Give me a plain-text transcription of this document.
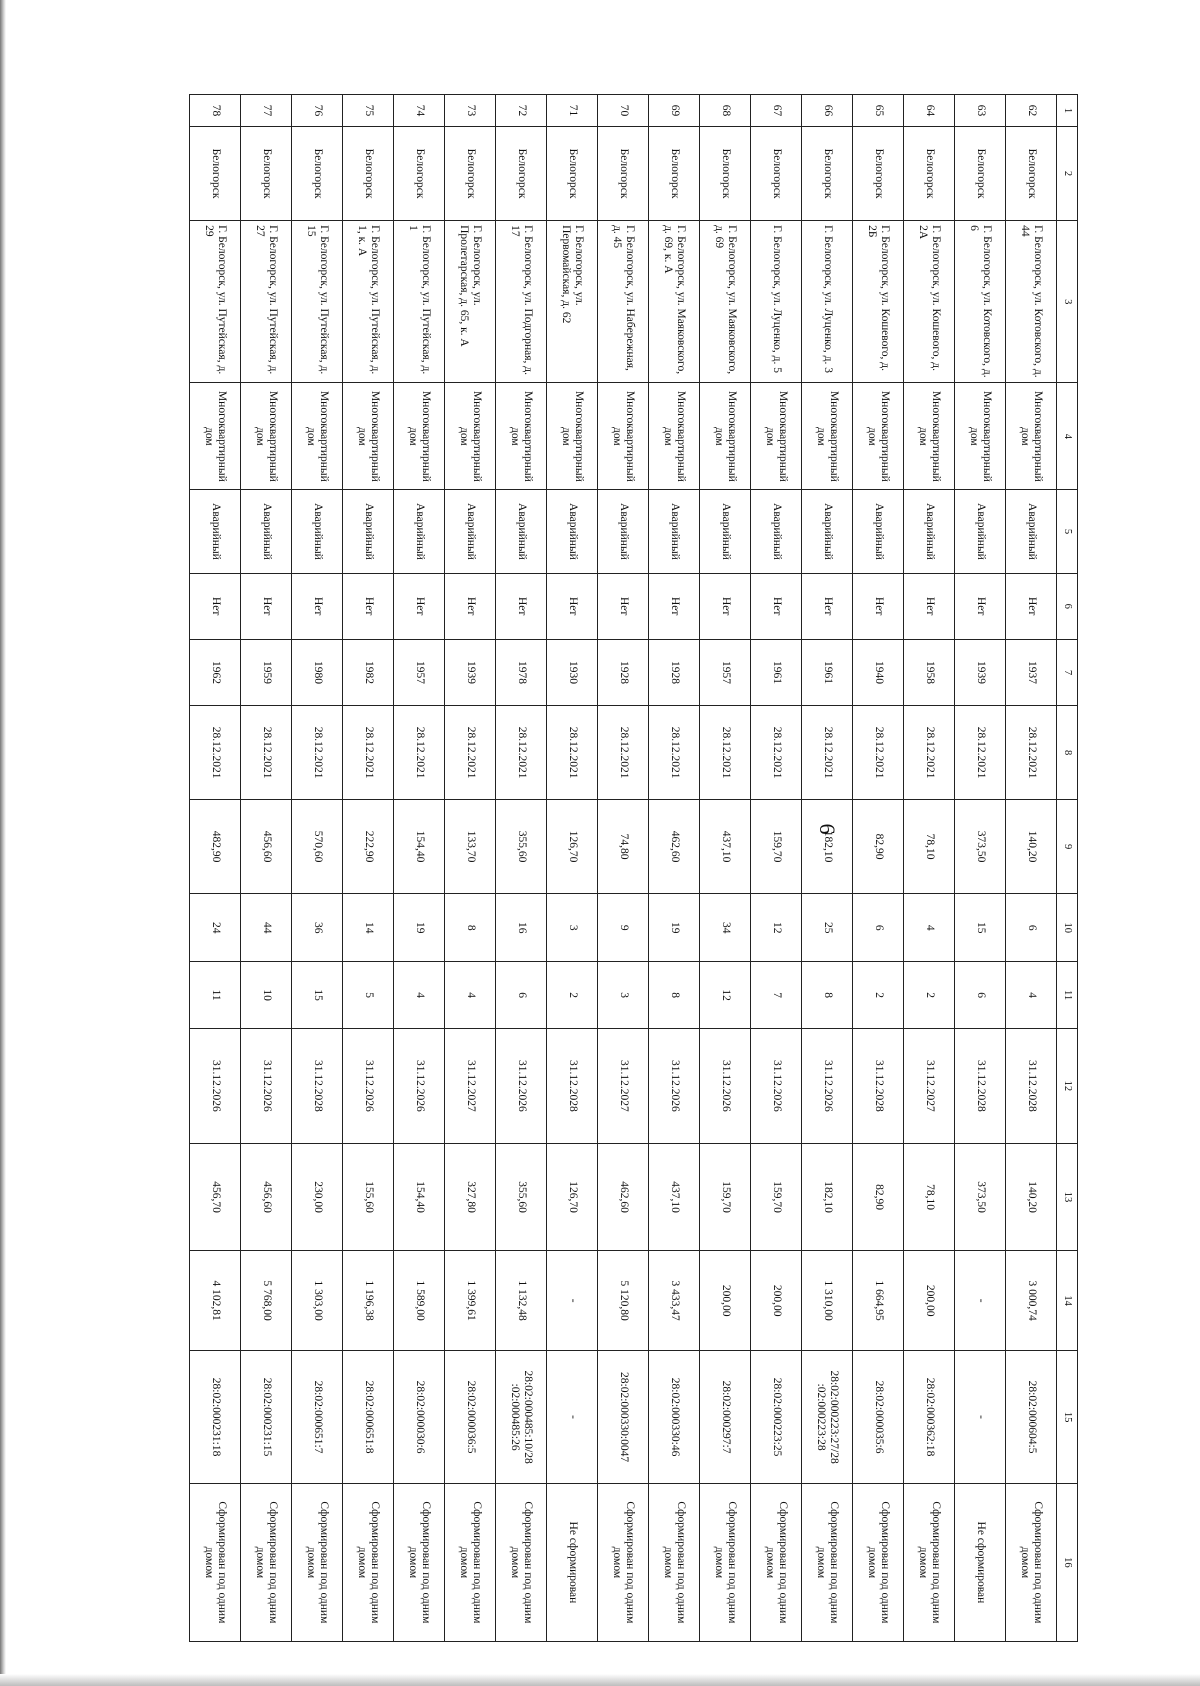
6
1	2	3	4	5	6	7	8	9	10	11	12	13	14	15	16
62	Белогорск	Г. Белогорск, ул. Котовского, д. 44	Многоквартирный дом	Аварийный	Нет	1937	28.12.2021	140,20	6	4	31.12.2028	140,20	3 000,74	28:02:000604:5	Сформирован под одним домом
63	Белогорск	Г. Белогорск, ул. Котовского, д. 6	Многоквартирный дом	Аварийный	Нет	1939	28.12.2021	373,50	15	6	31.12.2028	373,50	-	-	Не сформирован
64	Белогорск	Г. Белогорск, ул. Кошевого, д. 2А	Многоквартирный дом	Аварийный	Нет	1958	28.12.2021	78,10	4	2	31.12.2027	78,10	200,00	28:02:000362:18	Сформирован под одним домом
65	Белогорск	Г. Белогорск, ул. Кошевого, д. 2Б	Многоквартирный дом	Аварийный	Нет	1940	28.12.2021	82,90	6	2	31.12.2028	82,90	1 664,95	28:02:000035:6	Сформирован под одним домом
66	Белогорск	Г. Белогорск, ул. Луценко, д. 3	Многоквартирный дом	Аварийный	Нет	1961	28.12.2021	182,10	25	8	31.12.2026	182,10	1 310,00	28:02:000223:27/28 :02:000223:28	Сформирован под одним домом
67	Белогорск	Г. Белогорск, ул. Луценко, д. 5	Многоквартирный дом	Аварийный	Нет	1961	28.12.2021	159,70	12	7	31.12.2026	159,70	200,00	28:02:000223:25	Сформирован под одним домом
68	Белогорск	Г. Белогорск, ул. Маяковского, д. 69	Многоквартирный дом	Аварийный	Нет	1957	28.12.2021	437,10	34	12	31.12.2026	159,70	200,00	28:02:000297:7	Сформирован под одним домом
69	Белогорск	Г. Белогорск, ул. Маяковского, д. 69, к. А	Многоквартирный дом	Аварийный	Нет	1928	28.12.2021	462,60	19	8	31.12.2026	437,10	3 433,47	28:02:000330:46	Сформирован под одним домом
70	Белогорск	Г. Белогорск, ул. Набережная, д. 45	Многоквартирный дом	Аварийный	Нет	1928	28.12.2021	74,80	9	3	31.12.2027	462,60	5 120,80	28:02:000330:0047	Сформирован под одним домом
71	Белогорск	Г. Белогорск, ул. Первомайская, д. 62	Многоквартирный дом	Аварийный	Нет	1930	28.12.2021	126,70	3	2	31.12.2028	126,70	-	-	Не сформирован
72	Белогорск	Г. Белогорск, ул. Подгорная, д. 17	Многоквартирный дом	Аварийный	Нет	1978	28.12.2021	355,60	16	6	31.12.2026	355,60	1 132,48	28:02:000485:10/28 :02:000485:26	Сформирован под одним домом
73	Белогорск	Г. Белогорск, ул. Пролетарская, д. 65, к. А	Многоквартирный дом	Аварийный	Нет	1939	28.12.2021	133,70	8	4	31.12.2027	327,80	1 399,61	28:02:000036:5	Сформирован под одним домом
74	Белогорск	Г. Белогорск, ул. Путейская, д. 1	Многоквартирный дом	Аварийный	Нет	1957	28.12.2021	154,40	19	4	31.12.2026	154,40	1 589,00	28:02:000030:6	Сформирован под одним домом
75	Белогорск	Г. Белогорск, ул. Путейская, д. 1, к. А	Многоквартирный дом	Аварийный	Нет	1982	28.12.2021	222,90	14	5	31.12.2026	155,60	1 196,38	28:02:000651:8	Сформирован под одним домом
76	Белогорск	Г. Белогорск, ул. Путейская, д. 15	Многоквартирный дом	Аварийный	Нет	1980	28.12.2021	570,60	36	15	31.12.2028	230,00	1 303,00	28:02:000651:7	Сформирован под одним домом
77	Белогорск	Г. Белогорск, ул. Путейская, д. 27	Многоквартирный дом	Аварийный	Нет	1959	28.12.2021	456,60	44	10	31.12.2026	456,60	5 768,00	28:02:000231:15	Сформирован под одним домом
78	Белогорск	Г. Белогорск, ул. Путейская, д. 29	Многоквартирный дом	Аварийный	Нет	1962	28.12.2021	482,90	24	11	31.12.2026	456,70	4 102,81	28:02:000231:18	Сформирован под одним домом
